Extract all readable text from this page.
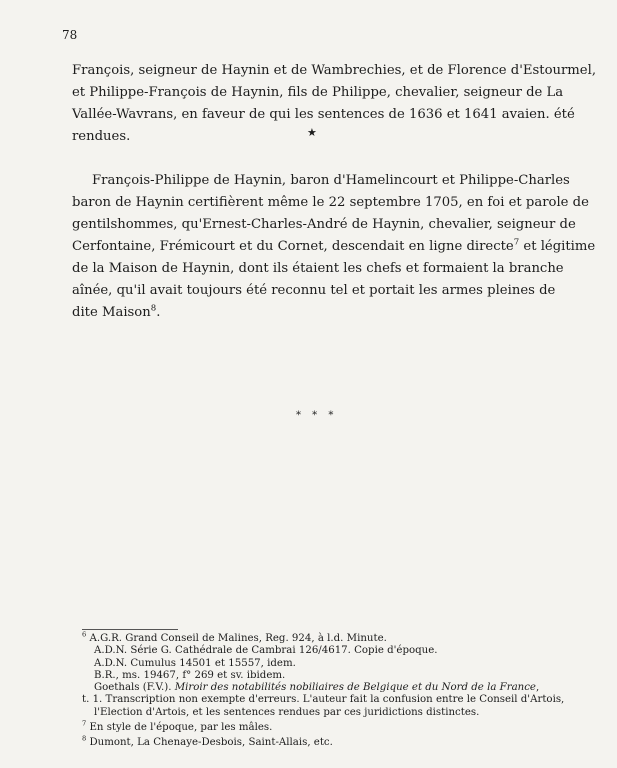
78
François, seigneur de Haynin et de Wambrechies, et de Florence d'Estourmel,
et Philippe-François de Haynin, fils de Philippe, chevalier, seigneur de La
Vallée-Wavrans, en faveur de qui les sentences de 1636 et 1641 avaien. été
rendues.
François-Philippe de Haynin, baron d'Hamelincourt et Philippe-Charles
baron de Haynin certifièrent même le 22 septembre 1705, en foi et parole de
gentilshommes, qu'Ernest-Charles-André de Haynin, chevalier, seigneur de
Cerfontaine, Frémicourt et du Cornet, descendait en ligne directe$^7$ et légitime
de la Maison de Haynin, dont ils étaient les chefs et formaient la branche
aînée, qu'il avait toujours été reconnu tel et portait les armes pleines de
dite Maison$^8$.
★
* * *
$^6$ A.G.R. Grand Conseil de Malines, Reg. 924, à l.d. Minute.
A.D.N. Série G. Cathédrale de Cambrai 126/4617. Copie d'époque.
A.D.N. Cumulus 14501 et 15557, idem.
B.R., ms. 19467, f° 269 et sv. ibidem.
Goethals (F.V.). Miroir des notabilités nobiliaires de Belgique et du Nord de la France,
t. 1. Transcription non exempte d'erreurs. L'auteur fait la confusion entre le Conseil d'Artois,
l'Election d'Artois, et les sentences rendues par ces juridictions distinctes.
$^7$ En style de l'époque, par les mâles.
$^8$ Dumont, La Chenaye-Desbois, Saint-Allais, etc.
